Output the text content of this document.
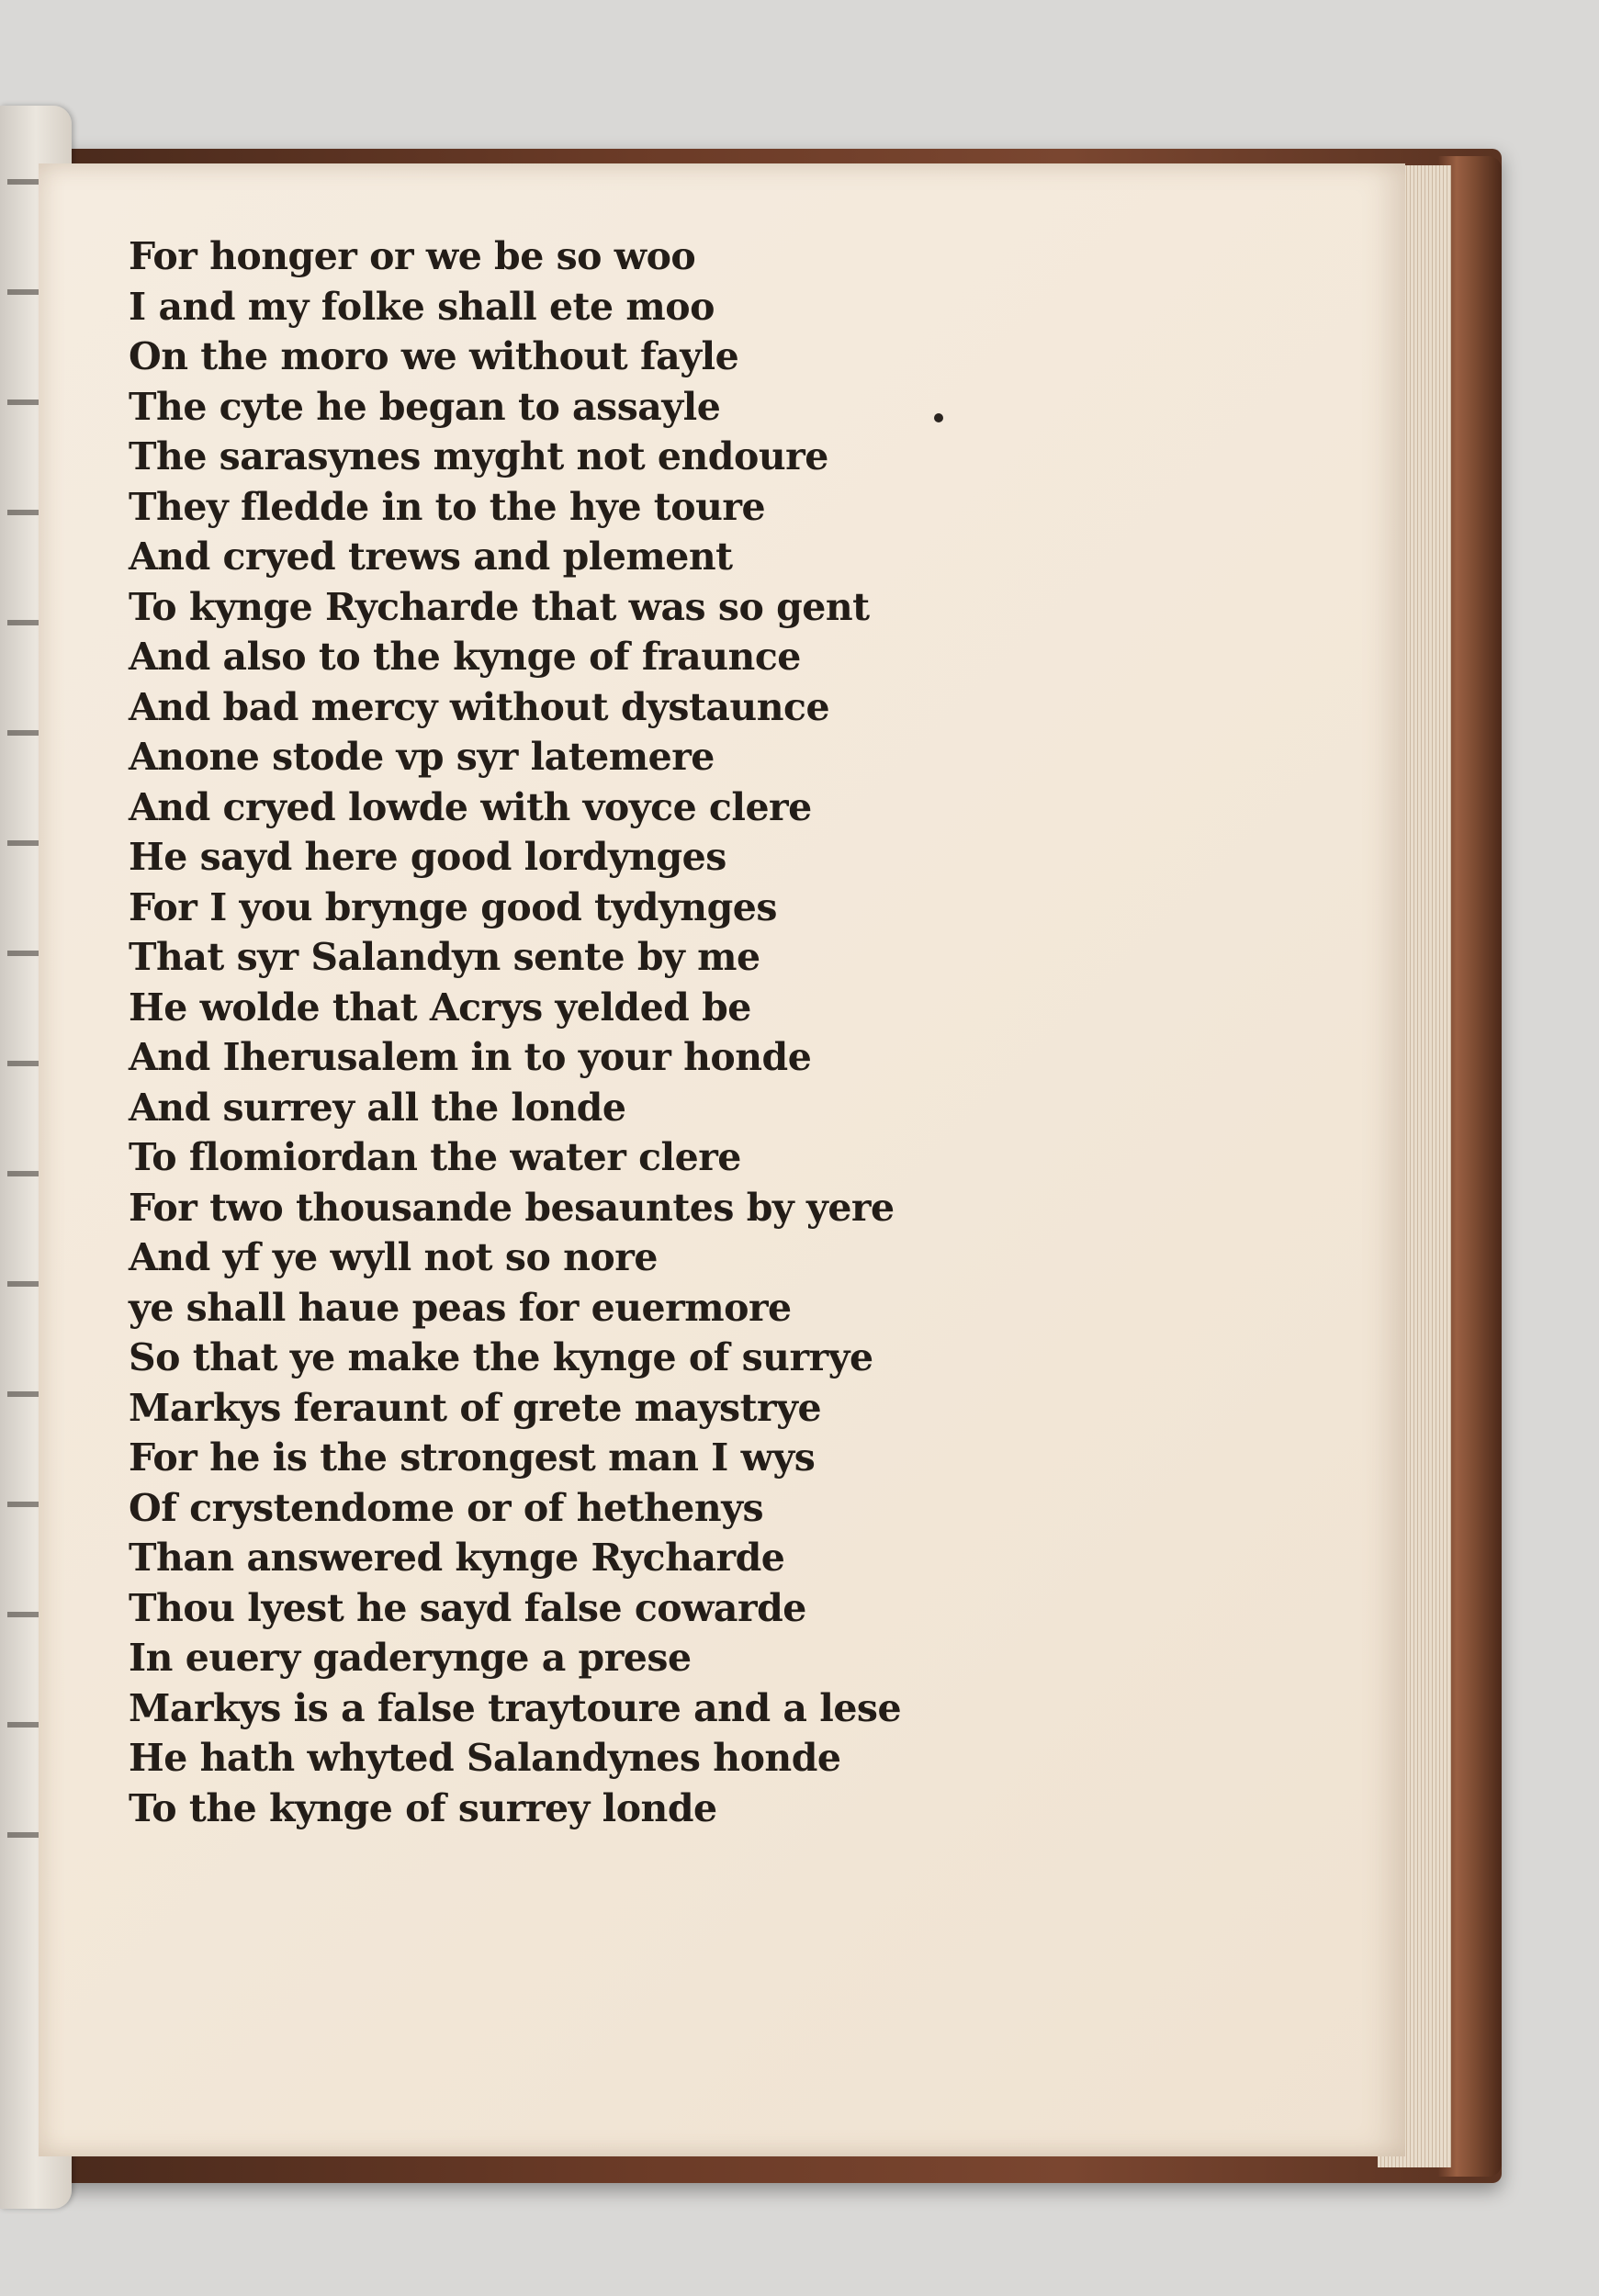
For honger or we be so woo
I and my folke shall ete moo
On the moro we without fayle
The cyte he began to assayle
The sarasynes myght not endoure
They fledde in to the hye toure
And cryed trews and plement
To kynge Rycharde that was so gent
And also to the kynge of fraunce
And bad mercy without dystaunce
Anone stode vp syr latemere
And cryed lowde with voyce clere
He sayd here good lordynges
For I you brynge good tydynges
That syr Salandyn sente by me
He wolde that Acrys yelded be
And Iherusalem in to your honde
And surrey all the londe
To flomiordan the water clere
For two thousande besauntes by yere
And yf ye wyll not so nore
ye shall haue peas for euermore
So that ye make the kynge of surrye
Markys feraunt of grete maystrye
For he is the strongest man I wys
Of crystendome or of hethenys
Than answered kynge Rycharde
Thou lyest he sayd false cowarde
In euery gaderynge a prese
Markys is a false traytoure and a lese
He hath whyted Salandynes honde
To the kynge of surrey londe
